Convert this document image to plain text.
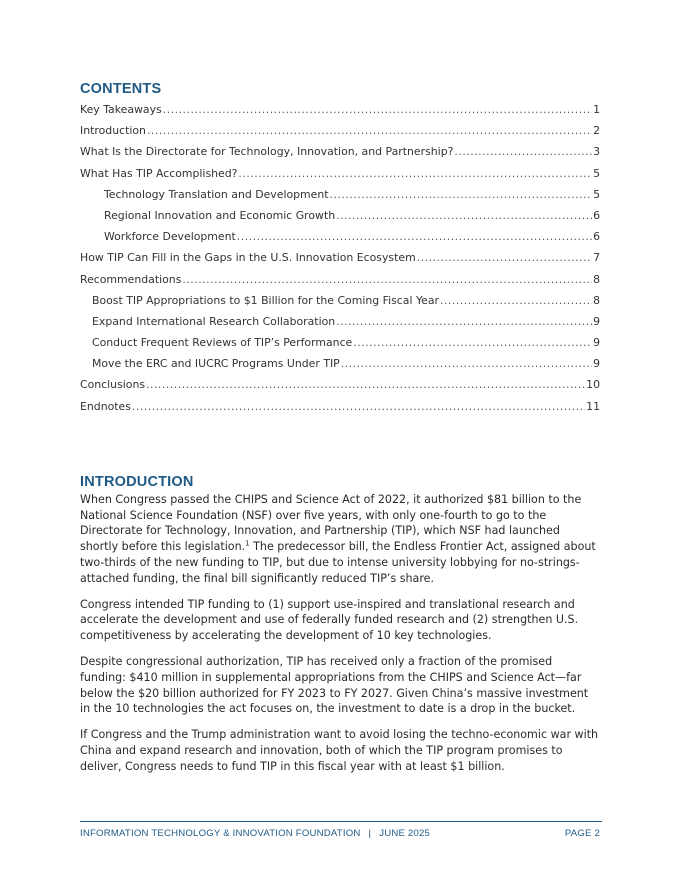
CONTENTS
Key Takeaways .....	1
Introduction .....	2
What Is the Directorate for Technology, Innovation, and Partnership? .....	3
What Has TIP Accomplished? .....	5
Technology Translation and Development .....	5
Regional Innovation and Economic Growth .....	6
Workforce Development .....	6
How TIP Can Fill in the Gaps in the U.S. Innovation Ecosystem .....	7
Recommendations .....	8
Boost TIP Appropriations to $1 Billion for the Coming Fiscal Year .....	8
Expand International Research Collaboration .....	9
Conduct Frequent Reviews of TIP’s Performance .....	9
Move the ERC and IUCRC Programs Under TIP .....	9
Conclusions .....	10
Endnotes .....	11
INTRODUCTION

When Congress passed the CHIPS and Science Act of 2022, it authorized $81 billion to the National Science Foundation (NSF) over five years, with only one-fourth to go to the Directorate for Technology, Innovation, and Partnership (TIP), which NSF had launched shortly before this legislation.$^1$ The predecessor bill, the Endless Frontier Act, assigned about two-thirds of the new funding to TIP, but due to intense university lobbying for no-strings-attached funding, the final bill significantly reduced TIP’s share.

Congress intended TIP funding to (1) support use-inspired and translational research and accelerate the development and use of federally funded research and (2) strengthen U.S. competitiveness by accelerating the development of 10 key technologies.

Despite congressional authorization, TIP has received only a fraction of the promised funding: $410 million in supplemental appropriations from the CHIPS and Science Act—far below the $20 billion authorized for FY 2023 to FY 2027. Given China’s massive investment in the 10 technologies the act focuses on, the investment to date is a drop in the bucket.

If Congress and the Trump administration want to avoid losing the techno-economic war with China and expand research and innovation, both of which the TIP program promises to deliver, Congress needs to fund TIP in this fiscal year with at least $1 billion.

INFORMATION TECHNOLOGY & INNOVATION FOUNDATION | JUNE 2025	PAGE 2
